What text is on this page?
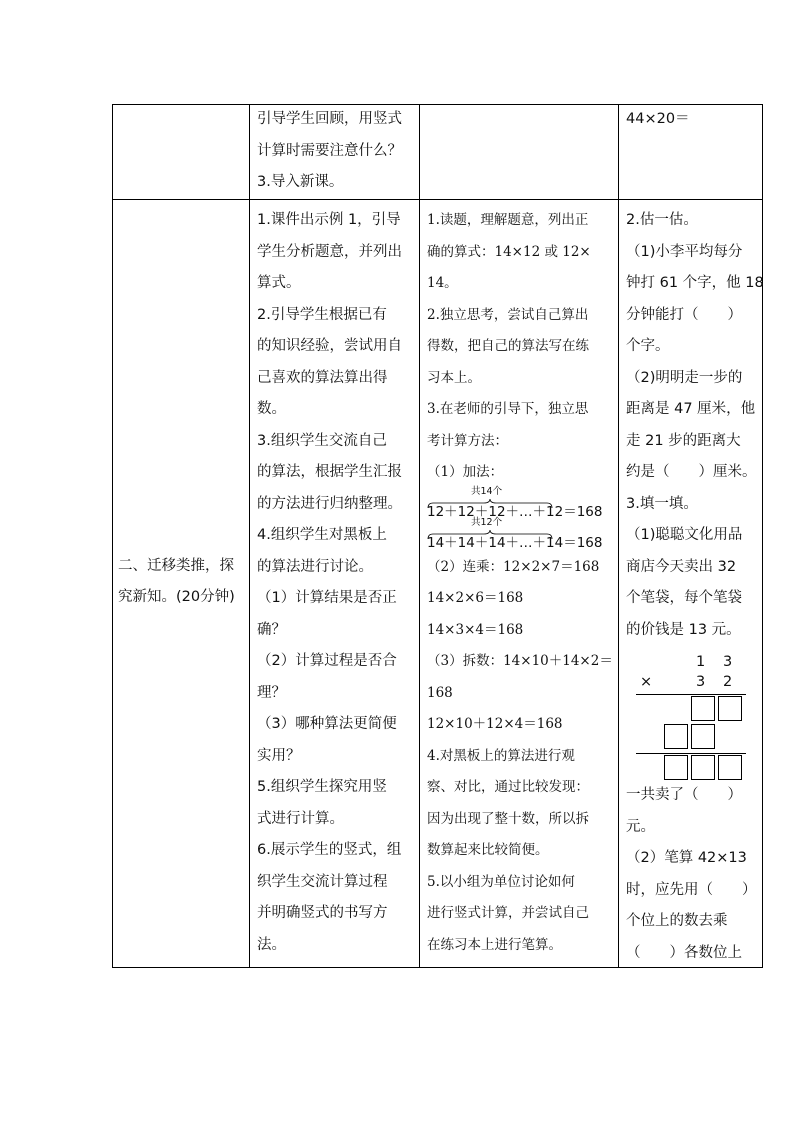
引导学生回顾，用竖式

计算时需要注意什么？

3.导入新课。

44×20＝

二、迁移类推，探

究新知。(20分钟)

1.课件出示例 1，引导

学生分析题意，并列出

算式。

2.引导学生根据已有

的知识经验，尝试用自

己喜欢的算法算出得

数。

3.组织学生交流自己

的算法，根据学生汇报

的方法进行归纳整理。

4.组织学生对黑板上

的算法进行讨论。

（1）计算结果是否正

确？

（2）计算过程是否合

理？

（3）哪种算法更简便

实用？

5.组织学生探究用竖

式进行计算。

6.展示学生的竖式，组

织学生交流计算过程

并明确竖式的书写方

法。

1.读题，理解题意，列出正

确的算式：14×12 或 12×

14。

2.独立思考，尝试自己算出

得数，把自己的算法写在练

习本上。

3.在老师的引导下，独立思

考计算方法：

（1）加法：

共14个
12＋12＋12＋…＋12＝168
共12个
14＋14＋14＋…＋14＝168

（2）连乘：12×2×7＝168

14×2×6＝168

14×3×4＝168

（3）拆数：14×10＋14×2＝

168

12×10＋12×4＝168

4.对黑板上的算法进行观

察、对比，通过比较发现：

因为出现了整十数，所以拆

数算起来比较简便。

5.以小组为单位讨论如何

进行竖式计算，并尝试自己

在练习本上进行笔算。

2.估一估。

（1)小李平均每分

钟打 61 个字，他 18

分钟能打（　　）

个字。

（2)明明走一步的

距离是 47 厘米，他

走 21 步的距离大

约是（　　）厘米。

3.填一填。

（1)聪聪文化用品

商店今天卖出 32

个笔袋，每个笔袋

的价钱是 13 元。

1 3
×	3 2

一共卖了（　　）

元。

（2）笔算 42×13

时，应先用（　　）

个位上的数去乘

（　　）各数位上
